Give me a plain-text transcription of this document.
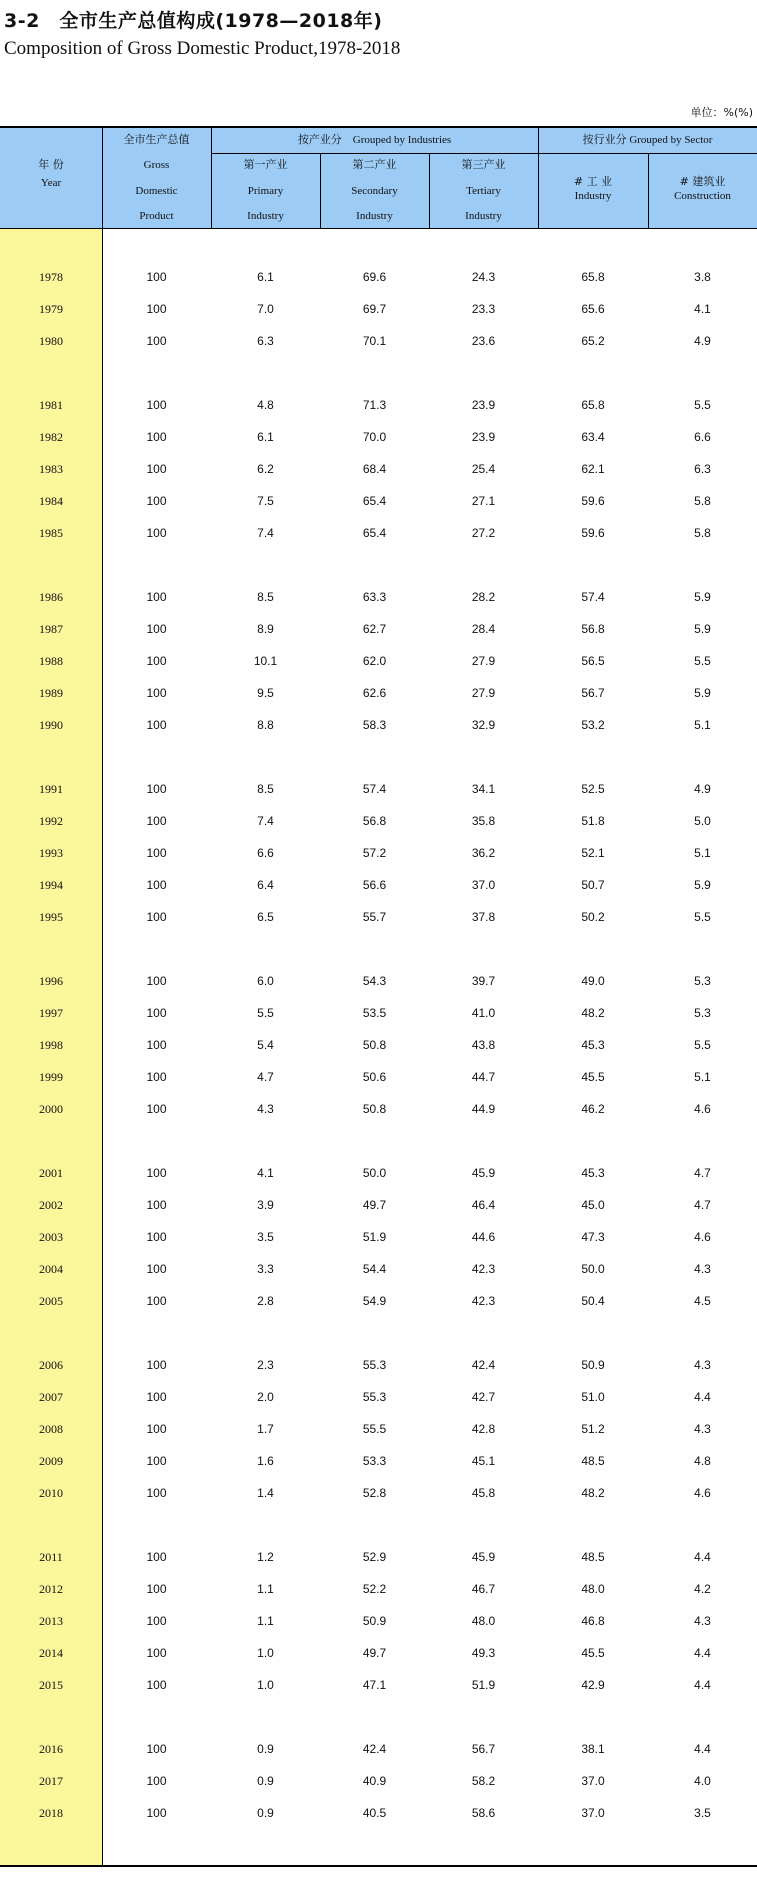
3-2　全市生产总值构成(1978—2018年)
Composition of Gross Domestic Product,1978-2018
单位：%(%)
年 份
Year
全市生产总值
Gross
Domestic
Product
按产业分　Grouped by Industries	按行业分 Grouped by Sector
第一产业
Primary
Industry
第二产业
Secondary
Industry
第三产业
Tertiary
Industry
# 工 业
Industry
# 建筑业
Construction
1978	100	6.1	69.6	24.3	65.8	3.8
1979	100	7.0	69.7	23.3	65.6	4.1
1980	100	6.3	70.1	23.6	65.2	4.9
1981	100	4.8	71.3	23.9	65.8	5.5
1982	100	6.1	70.0	23.9	63.4	6.6
1983	100	6.2	68.4	25.4	62.1	6.3
1984	100	7.5	65.4	27.1	59.6	5.8
1985	100	7.4	65.4	27.2	59.6	5.8
1986	100	8.5	63.3	28.2	57.4	5.9
1987	100	8.9	62.7	28.4	56.8	5.9
1988	100	10.1	62.0	27.9	56.5	5.5
1989	100	9.5	62.6	27.9	56.7	5.9
1990	100	8.8	58.3	32.9	53.2	5.1
1991	100	8.5	57.4	34.1	52.5	4.9
1992	100	7.4	56.8	35.8	51.8	5.0
1993	100	6.6	57.2	36.2	52.1	5.1
1994	100	6.4	56.6	37.0	50.7	5.9
1995	100	6.5	55.7	37.8	50.2	5.5
1996	100	6.0	54.3	39.7	49.0	5.3
1997	100	5.5	53.5	41.0	48.2	5.3
1998	100	5.4	50.8	43.8	45.3	5.5
1999	100	4.7	50.6	44.7	45.5	5.1
2000	100	4.3	50.8	44.9	46.2	4.6
2001	100	4.1	50.0	45.9	45.3	4.7
2002	100	3.9	49.7	46.4	45.0	4.7
2003	100	3.5	51.9	44.6	47.3	4.6
2004	100	3.3	54.4	42.3	50.0	4.3
2005	100	2.8	54.9	42.3	50.4	4.5
2006	100	2.3	55.3	42.4	50.9	4.3
2007	100	2.0	55.3	42.7	51.0	4.4
2008	100	1.7	55.5	42.8	51.2	4.3
2009	100	1.6	53.3	45.1	48.5	4.8
2010	100	1.4	52.8	45.8	48.2	4.6
2011	100	1.2	52.9	45.9	48.5	4.4
2012	100	1.1	52.2	46.7	48.0	4.2
2013	100	1.1	50.9	48.0	46.8	4.3
2014	100	1.0	49.7	49.3	45.5	4.4
2015	100	1.0	47.1	51.9	42.9	4.4
2016	100	0.9	42.4	56.7	38.1	4.4
2017	100	0.9	40.9	58.2	37.0	4.0
2018	100	0.9	40.5	58.6	37.0	3.5
